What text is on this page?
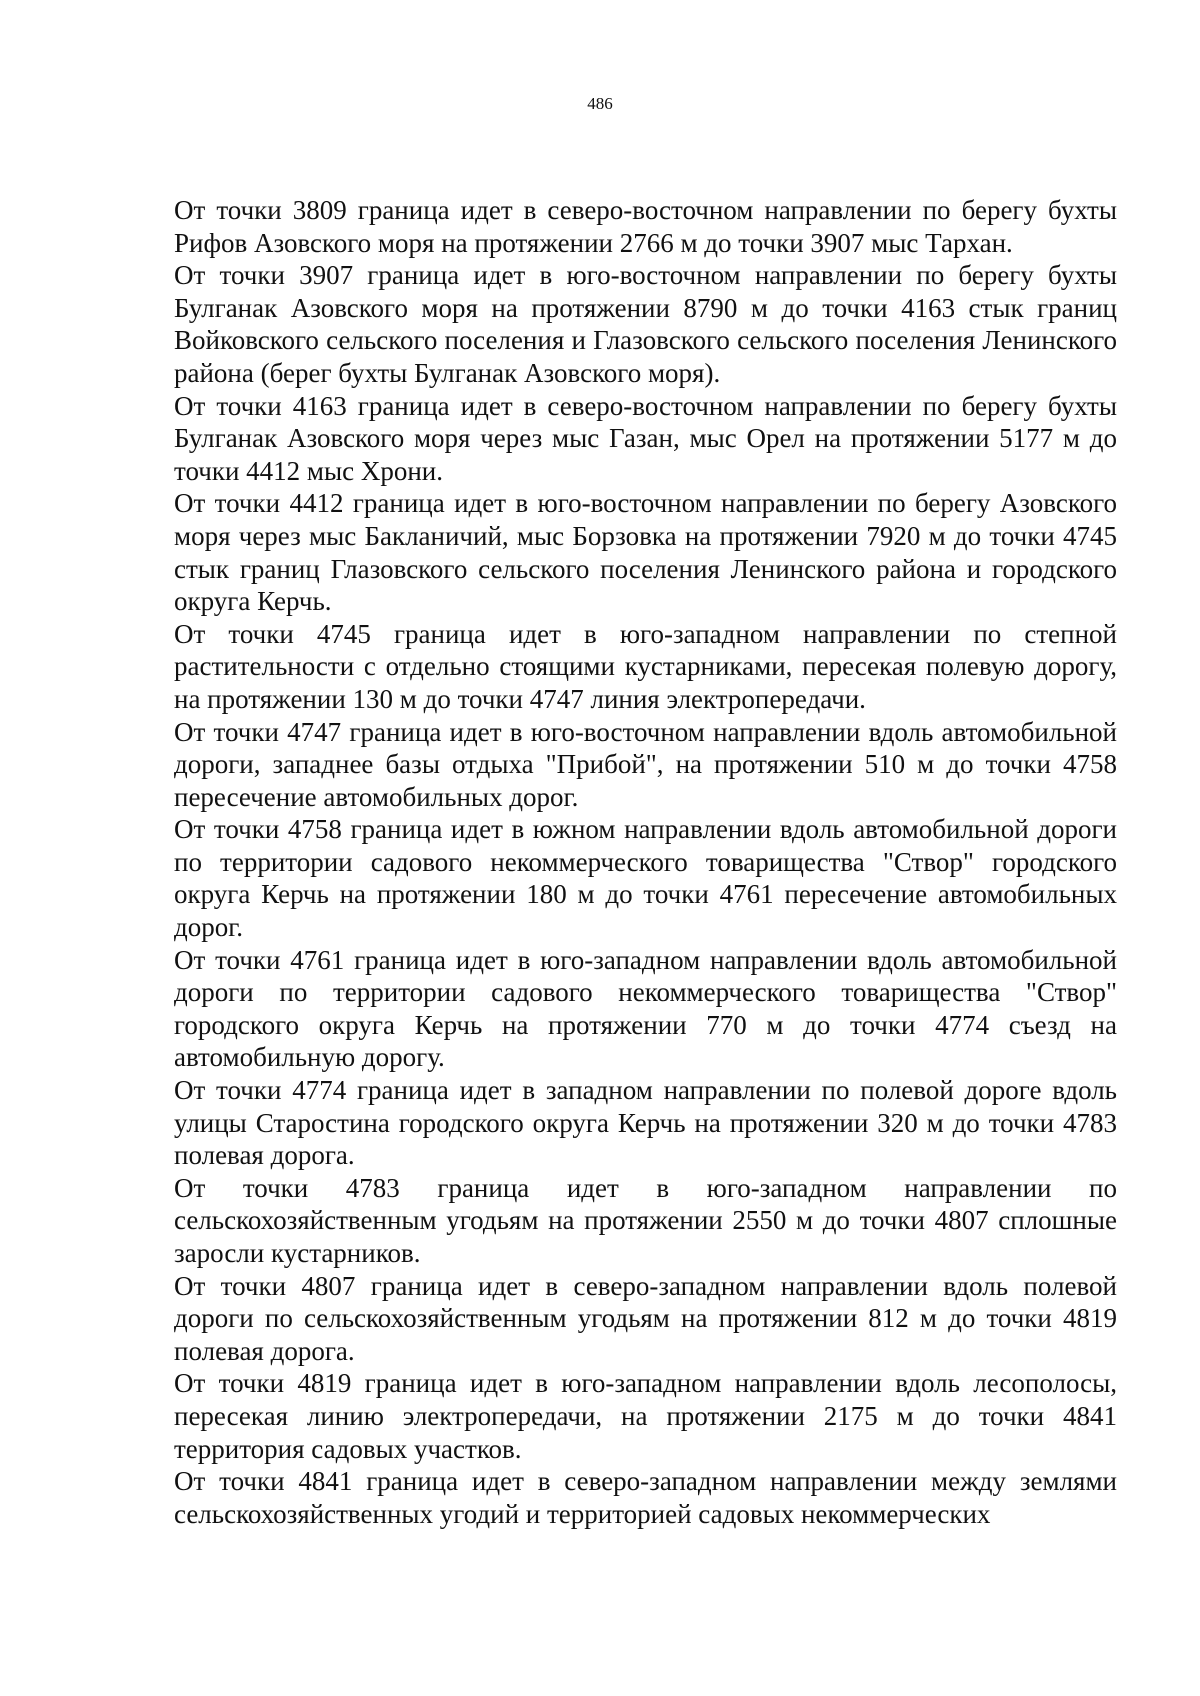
486

От точки 3809 граница идет в северо-восточном направлении по берегу бухты Рифов Азовского моря на протяжении 2766 м до точки 3907 мыс Тархан.

От точки 3907 граница идет в юго-восточном направлении по берегу бухты Булганак Азовского моря на протяжении 8790 м до точки 4163 стык границ Войковского сельского поселения и Глазовского сельского поселения Ленинского района (берег бухты Булганак Азовского моря).

От точки 4163 граница идет в северо-восточном направлении по берегу бухты Булганак Азовского моря через мыс Газан, мыс Орел на протяжении 5177 м до точки 4412 мыс Хрони.

От точки 4412 граница идет в юго-восточном направлении по берегу Азовского моря через мыс Бакланичий, мыс Борзовка на протяжении 7920 м до точки 4745 стык границ Глазовского сельского поселения Ленинского района и городского округа Керчь.

От точки 4745 граница идет в юго-западном направлении по степной растительности с отдельно стоящими кустарниками, пересекая полевую дорогу, на протяжении 130 м до точки 4747 линия электропередачи.

От точки 4747 граница идет в юго-восточном направлении вдоль автомобильной дороги, западнее базы отдыха "Прибой", на протяжении 510 м до точки 4758 пересечение автомобильных дорог.

От точки 4758 граница идет в южном направлении вдоль автомобильной дороги по территории садового некоммерческого товарищества "Створ" городского округа Керчь на протяжении 180 м до точки 4761 пересечение автомобильных дорог.

От точки 4761 граница идет в юго-западном направлении вдоль автомобильной дороги по территории садового некоммерческого товарищества "Створ" городского округа Керчь на протяжении 770 м до точки 4774 съезд на автомобильную дорогу.

От точки 4774 граница идет в западном направлении по полевой дороге вдоль улицы Старостина городского округа Керчь на протяжении 320 м до точки 4783 полевая дорога.

От точки 4783 граница идет в юго-западном направлении по сельскохозяйственным угодьям на протяжении 2550 м до точки 4807 сплошные заросли кустарников.

От точки 4807 граница идет в северо-западном направлении вдоль полевой дороги по сельскохозяйственным угодьям на протяжении 812 м до точки 4819 полевая дорога.

От точки 4819 граница идет в юго-западном направлении вдоль лесополосы, пересекая линию электропередачи, на протяжении 2175 м до точки 4841 территория садовых участков.

От точки 4841 граница идет в северо-западном направлении между землями сельскохозяйственных угодий и территорией садовых некоммерческих
